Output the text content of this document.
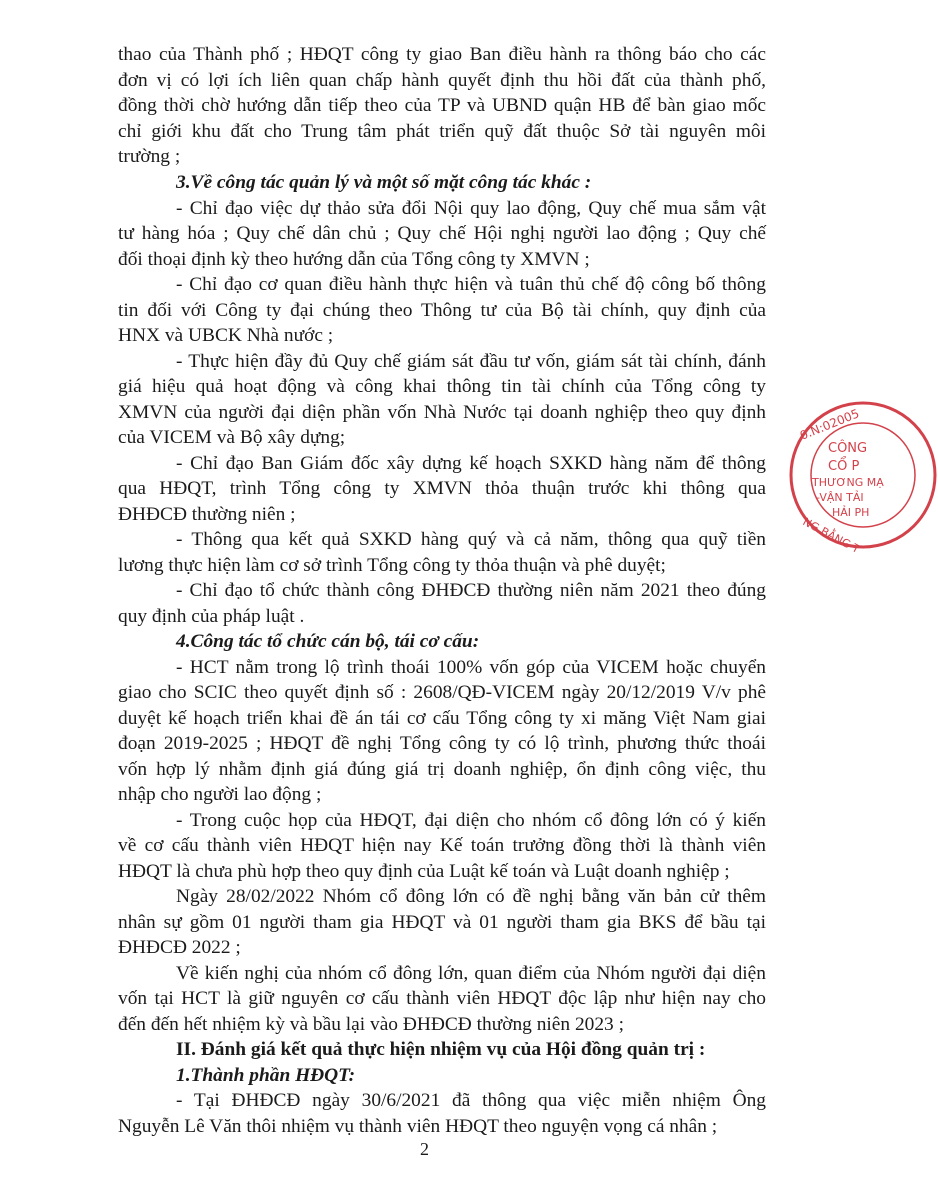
thao của Thành phố ; HĐQT công ty giao Ban điều hành ra thông báo cho các
đơn vị có lợi ích liên quan chấp hành quyết định thu hồi đất của thành phố,
đồng thời chờ hướng dẫn tiếp theo của TP và UBND quận HB để bàn giao mốc
chỉ giới khu đất cho Trung tâm phát triển quỹ đất thuộc Sở tài nguyên môi
trường ;
3.Về công tác quản lý và một số mặt công tác khác :
- Chỉ đạo việc dự thảo sửa đổi Nội quy lao động, Quy chế mua sắm vật
tư hàng hóa ; Quy chế dân chủ ; Quy chế Hội nghị người lao động ; Quy chế
đối thoại định kỳ theo hướng dẫn của Tổng công ty XMVN ;
- Chỉ đạo cơ quan điều hành thực hiện và tuân thủ chế độ công bố thông
tin đối với Công ty đại chúng theo Thông tư của Bộ tài chính, quy định của
HNX và UBCK Nhà nước ;
- Thực hiện đầy đủ Quy chế giám sát đầu tư vốn, giám sát tài chính, đánh
giá hiệu quả hoạt động và công khai thông tin tài chính của Tổng công ty
XMVN của người đại diện phần vốn Nhà Nước tại doanh nghiệp theo quy định
của VICEM và Bộ xây dựng;
- Chỉ đạo Ban Giám đốc xây dựng kế hoạch SXKD hàng năm để thông
qua HĐQT, trình Tổng công ty XMVN thỏa thuận trước khi thông qua
ĐHĐCĐ thường niên ;
- Thông qua kết quả SXKD hàng quý và cả năm, thông qua quỹ tiền
lương thực hiện làm cơ sở trình Tổng công ty thỏa thuận và phê duyệt;
- Chỉ đạo tổ chức thành công ĐHĐCĐ thường niên năm 2021 theo đúng
quy định của pháp luật .
4.Công tác tổ chức cán bộ, tái cơ cấu:
- HCT nằm trong lộ trình thoái 100% vốn góp của VICEM hoặc chuyển
giao cho SCIC theo quyết định số : 2608/QĐ-VICEM ngày 20/12/2019 V/v phê
duyệt kế hoạch triển khai đề án tái cơ cấu Tổng công ty xi măng Việt Nam giai
đoạn 2019-2025 ; HĐQT đề nghị Tổng công ty có lộ trình, phương thức thoái
vốn hợp lý nhằm định giá đúng giá trị doanh nghiệp, ổn định công việc, thu
nhập cho người lao động ;
- Trong cuộc họp của HĐQT, đại diện cho nhóm cổ đông lớn có ý kiến
về cơ cấu thành viên HĐQT hiện nay Kế toán trưởng đồng thời là thành viên
HĐQT là chưa phù hợp theo quy định của Luật kế toán và Luật doanh nghiệp ;
Ngày 28/02/2022 Nhóm cổ đông lớn có đề nghị bằng văn bản cử thêm
nhân sự gồm 01 người tham gia HĐQT và 01 người tham gia BKS để bầu tại
ĐHĐCĐ 2022 ;
Về kiến nghị của nhóm cổ đông lớn, quan điểm của Nhóm người đại diện
vốn tại HCT là giữ nguyên cơ cấu thành viên HĐQT độc lập như hiện nay cho
đến đến hết nhiệm kỳ và bầu lại vào ĐHĐCĐ thường niên 2023 ;
II. Đánh giá kết quả thực hiện nhiệm vụ của Hội đồng quản trị :
1.Thành phần HĐQT:
- Tại ĐHĐCĐ ngày 30/6/2021 đã thông qua việc miễn nhiệm Ông
Nguyễn Lê Văn thôi nhiệm vụ thành viên HĐQT theo nguyện vọng cá nhân ;
0.N:02005
CÔNG
CỔ P
THƯƠNG MẠ
-VẬN TẢI
HẢI PH
NG BẰNG T
2
